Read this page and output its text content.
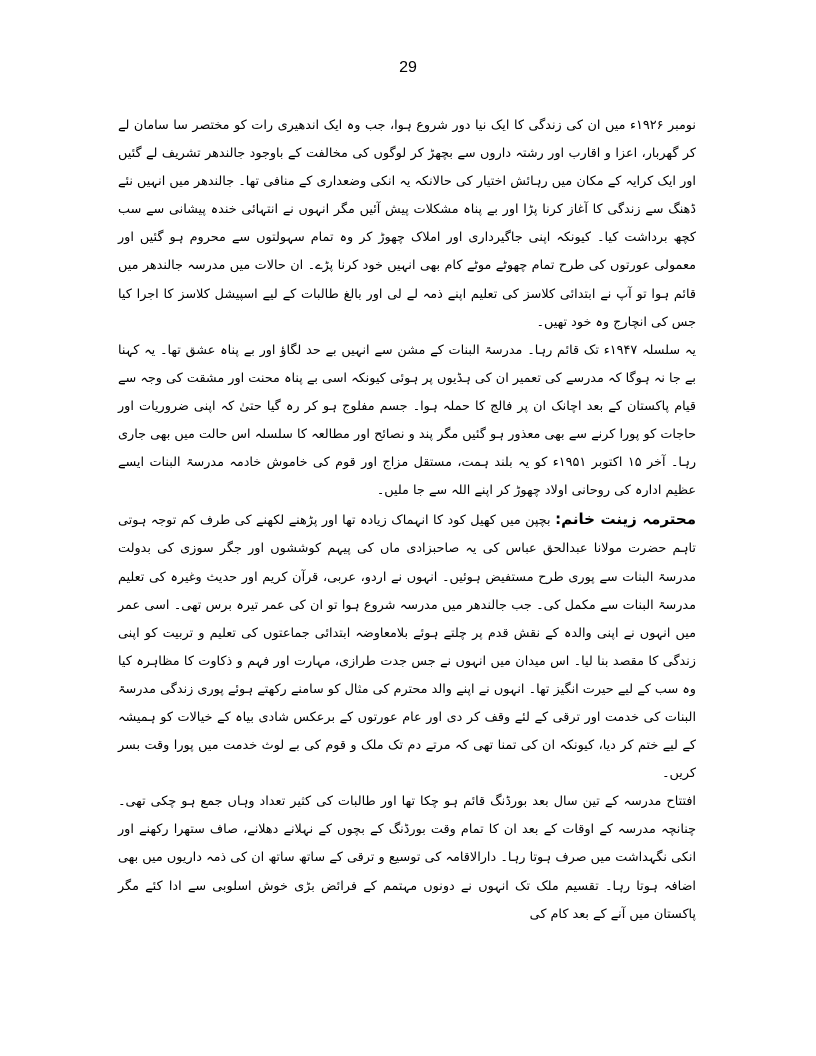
29

نومبر ۱۹۲۶ء میں ان کی زندگی کا ایک نیا دور شروع ہوا، جب وہ ایک اندھیری رات کو مختصر سا سامان لے کر گھربار، اعزا و اقارب اور رشتہ داروں سے بچھڑ کر لوگوں کی مخالفت کے باوجود جالندھر تشریف لے گئیں اور ایک کرایہ کے مکان میں رہائش اختیار کی حالانکہ یہ انکی وضعداری کے منافی تھا۔ جالندھر میں انہیں نئے ڈھنگ سے زندگی کا آغاز کرنا پڑا اور بے پناہ مشکلات پیش آئیں مگر انہوں نے انتہائی خندہ پیشانی سے سب کچھ برداشت کیا۔ کیونکہ اپنی جاگیرداری اور املاک چھوڑ کر وہ تمام سہولتوں سے محروم ہو گئیں اور معمولی عورتوں کی طرح تمام چھوٹے موٹے کام بھی انہیں خود کرنا پڑے۔ ان حالات میں مدرسہ جالندھر میں قائم ہوا تو آپ نے ابتدائی کلاسز کی تعلیم اپنے ذمہ لے لی اور بالغ طالبات کے لیے اسپیشل کلاسز کا اجرا کیا جس کی انچارج وہ خود تھیں۔

یہ سلسلہ ۱۹۴۷ء تک قائم رہا۔ مدرسۃ البنات کے مشن سے انہیں بے حد لگاؤ اور بے پناہ عشق تھا۔ یہ کہنا بے جا نہ ہوگا کہ مدرسے کی تعمیر ان کی ہڈیوں پر ہوئی کیونکہ اسی بے پناہ محنت اور مشقت کی وجہ سے قیام پاکستان کے بعد اچانک ان پر فالج کا حملہ ہوا۔ جسم مفلوج ہو کر رہ گیا حتیٰ کہ اپنی ضروریات اور حاجات کو پورا کرنے سے بھی معذور ہو گئیں مگر پند و نصائح اور مطالعہ کا سلسلہ اس حالت میں بھی جاری رہا۔ آخر ۱۵ اکتوبر ۱۹۵۱ء کو یہ بلند ہمت، مستقل مزاج اور قوم کی خاموش خادمہ مدرسۃ البنات ایسے عظیم ادارہ کی روحانی اولاد چھوڑ کر اپنے اللہ سے جا ملیں۔

محترمہ زینت خانم: بچپن میں کھیل کود کا انہماک زیادہ تھا اور پڑھنے لکھنے کی طرف کم توجہ ہوتی تاہم حضرت مولانا عبدالحق عباس کی یہ صاحبزادی ماں کی پیہم کوششوں اور جگر سوزی کی بدولت مدرسۃ البنات سے پوری طرح مستفیض ہوئیں۔ انہوں نے اردو، عربی، قرآن کریم اور حدیث وغیرہ کی تعلیم مدرسۃ البنات سے مکمل کی۔ جب جالندھر میں مدرسہ شروع ہوا تو ان کی عمر تیرہ برس تھی۔ اسی عمر میں انہوں نے اپنی والدہ کے نقش قدم پر چلتے ہوئے بلامعاوضہ ابتدائی جماعتوں کی تعلیم و تربیت کو اپنی زندگی کا مقصد بنا لیا۔ اس میدان میں انہوں نے جس جدت طرازی، مہارت اور فہم و ذکاوت کا مظاہرہ کیا وہ سب کے لیے حیرت انگیز تھا۔ انہوں نے اپنے والد محترم کی مثال کو سامنے رکھتے ہوئے پوری زندگی مدرسۃ البنات کی خدمت اور ترقی کے لئے وقف کر دی اور عام عورتوں کے برعکس شادی بیاہ کے خیالات کو ہمیشہ کے لیے ختم کر دیا، کیونکہ ان کی تمنا تھی کہ مرتے دم تک ملک و قوم کی بے لوث خدمت میں پورا وقت بسر کریں۔

افتتاح مدرسہ کے تین سال بعد بورڈنگ قائم ہو چکا تھا اور طالبات کی کثیر تعداد وہاں جمع ہو چکی تھی۔ چنانچہ مدرسہ کے اوقات کے بعد ان کا تمام وقت بورڈنگ کے بچوں کے نہلانے دھلانے، صاف ستھرا رکھنے اور انکی نگہداشت میں صرف ہوتا رہا۔ دارالاقامہ کی توسیع و ترقی کے ساتھ ساتھ ان کی ذمہ داریوں میں بھی اضافہ ہوتا رہا۔ تقسیم ملک تک انہوں نے دونوں مہتمم کے فرائض بڑی خوش اسلوبی سے ادا کئے مگر پاکستان میں آنے کے بعد کام کی
